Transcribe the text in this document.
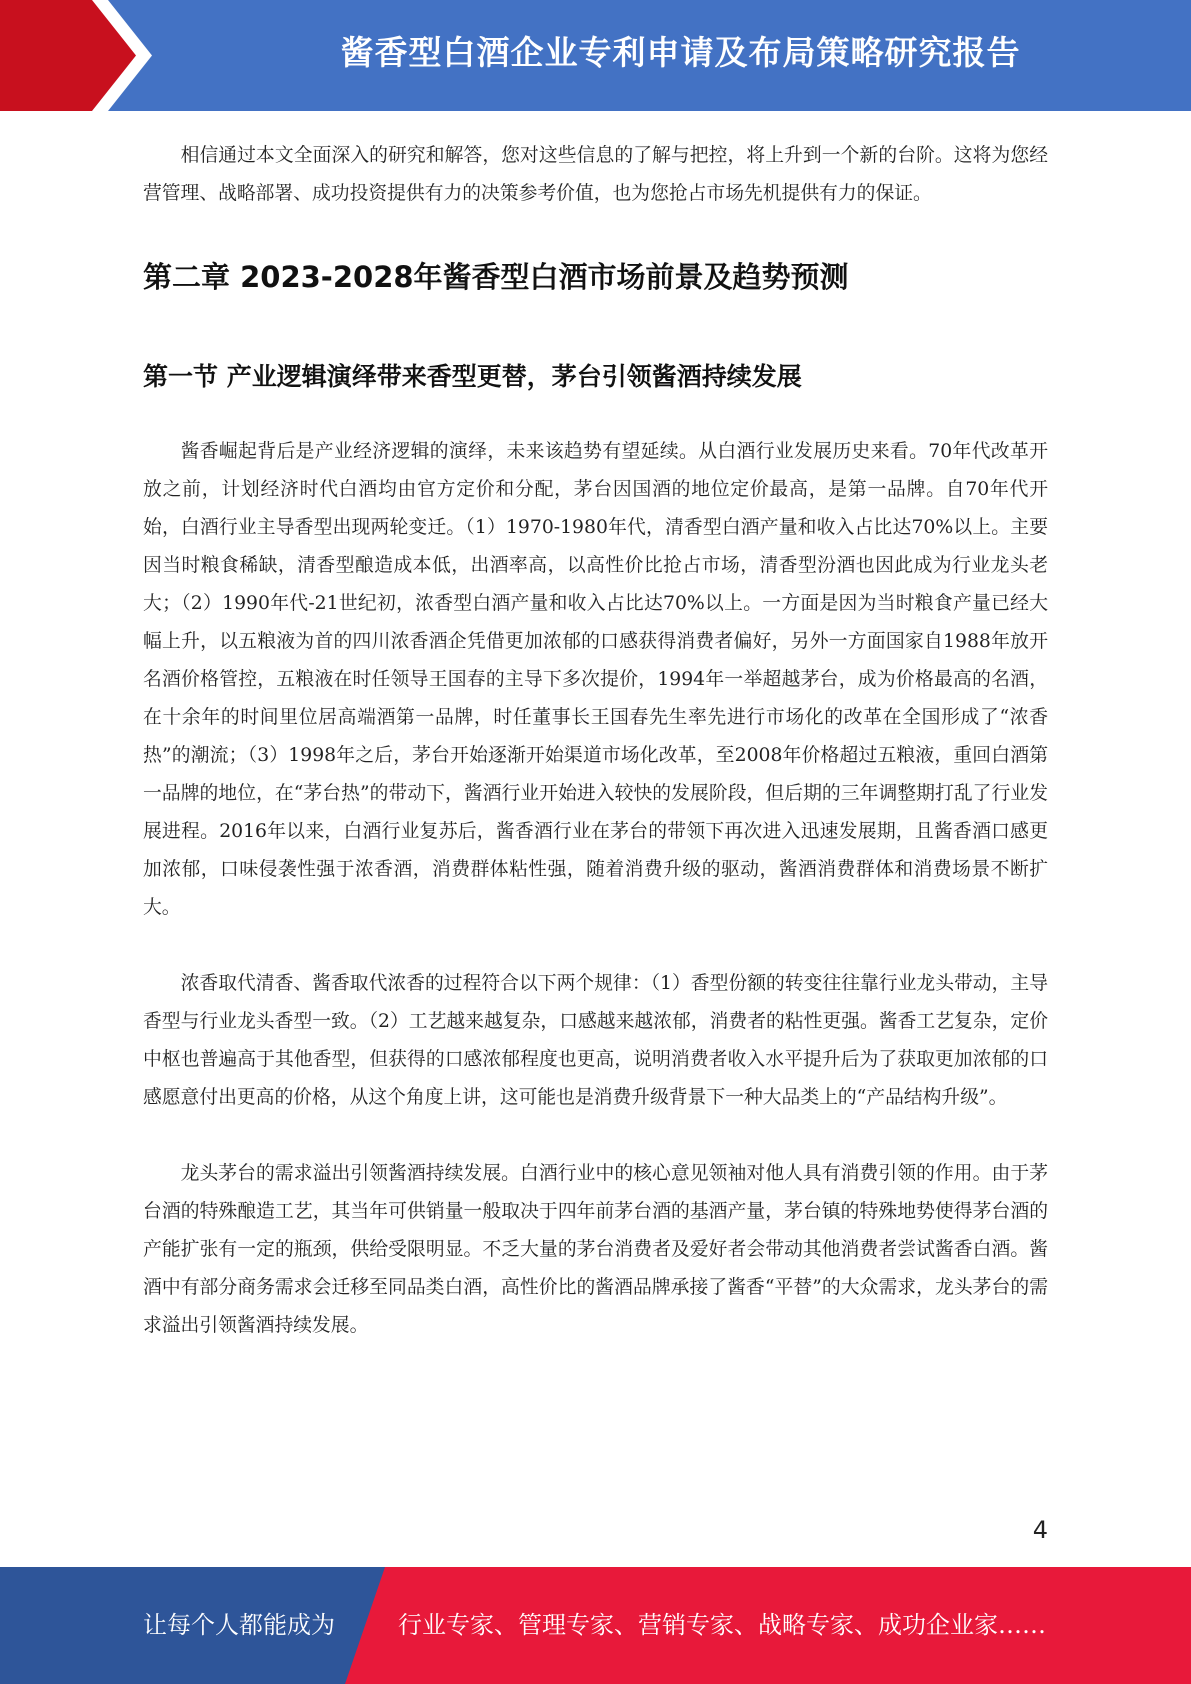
酱香型白酒企业专利申请及布局策略研究报告

相信通过本文全面深入的研究和解答，您对这些信息的了解与把控，将上升到一个新的台阶。这将为您经营管理、战略部署、成功投资提供有力的决策参考价值，也为您抢占市场先机提供有力的保证。

第二章 2023-2028年酱香型白酒市场前景及趋势预测
第一节 产业逻辑演绎带来香型更替，茅台引领酱酒持续发展

酱香崛起背后是产业经济逻辑的演绎，未来该趋势有望延续。从白酒行业发展历史来看。70年代改革开放之前，计划经济时代白酒均由官方定价和分配，茅台因国酒的地位定价最高，是第一品牌。自70年代开始，白酒行业主导香型出现两轮变迁。（1）1970-1980年代，清香型白酒产量和收入占比达70%以上。主要因当时粮食稀缺，清香型酿造成本低，出酒率高，以高性价比抢占市场，清香型汾酒也因此成为行业龙头老大；（2）1990年代-21世纪初，浓香型白酒产量和收入占比达70%以上。一方面是因为当时粮食产量已经大幅上升，以五粮液为首的四川浓香酒企凭借更加浓郁的口感获得消费者偏好，另外一方面国家自1988年放开名酒价格管控，五粮液在时任领导王国春的主导下多次提价，1994年一举超越茅台，成为价格最高的名酒，在十余年的时间里位居高端酒第一品牌，时任董事长王国春先生率先进行市场化的改革在全国形成了“浓香热”的潮流；（3）1998年之后，茅台开始逐渐开始渠道市场化改革，至2008年价格超过五粮液，重回白酒第一品牌的地位，在“茅台热”的带动下，酱酒行业开始进入较快的发展阶段，但后期的三年调整期打乱了行业发展进程。2016年以来，白酒行业复苏后，酱香酒行业在茅台的带领下再次进入迅速发展期，且酱香酒口感更加浓郁，口味侵袭性强于浓香酒，消费群体粘性强，随着消费升级的驱动，酱酒消费群体和消费场景不断扩大。

浓香取代清香、酱香取代浓香的过程符合以下两个规律：（1）香型份额的转变往往靠行业龙头带动，主导香型与行业龙头香型一致。（2）工艺越来越复杂，口感越来越浓郁，消费者的粘性更强。酱香工艺复杂，定价中枢也普遍高于其他香型，但获得的口感浓郁程度也更高，说明消费者收入水平提升后为了获取更加浓郁的口感愿意付出更高的价格，从这个角度上讲，这可能也是消费升级背景下一种大品类上的“产品结构升级”。

龙头茅台的需求溢出引领酱酒持续发展。白酒行业中的核心意见领袖对他人具有消费引领的作用。由于茅台酒的特殊酿造工艺，其当年可供销量一般取决于四年前茅台酒的基酒产量，茅台镇的特殊地势使得茅台酒的产能扩张有一定的瓶颈，供给受限明显。不乏大量的茅台消费者及爱好者会带动其他消费者尝试酱香白酒。酱酒中有部分商务需求会迁移至同品类白酒，高性价比的酱酒品牌承接了酱香“平替”的大众需求，龙头茅台的需求溢出引领酱酒持续发展。

4
让每个人都能成为	行业专家、管理专家、营销专家、战略专家、成功企业家……
